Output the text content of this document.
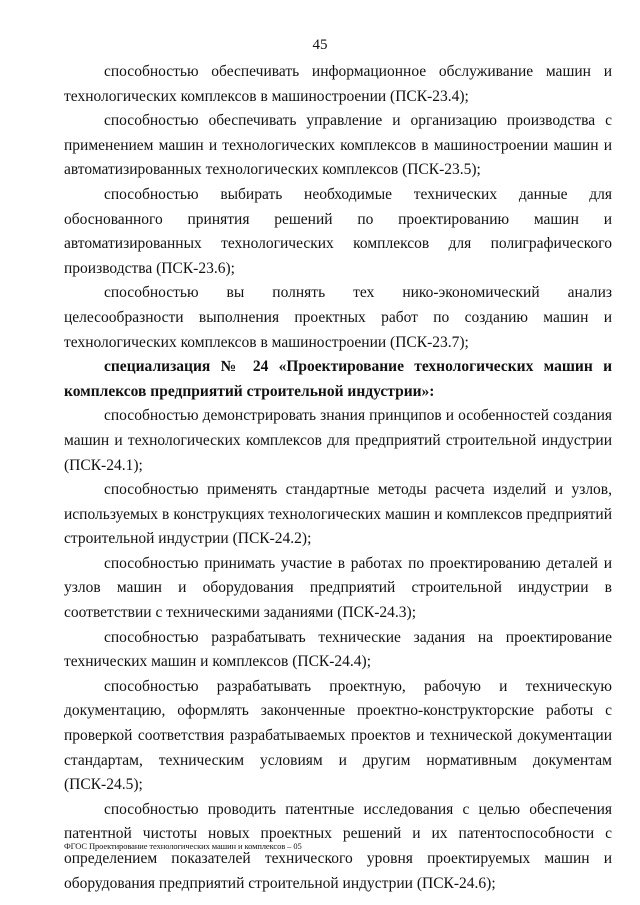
45

способностью обеспечивать информационное обслуживание машин и технологических комплексов в машиностроении (ПСК-23.4);

способностью обеспечивать управление и организацию производства с применением машин и технологических комплексов в машиностроении машин и автоматизированных технологических комплексов (ПСК-23.5);

способностью выбирать необходимые технических данные для обоснованного принятия решений по проектированию машин и автоматизированных технологических комплексов для полиграфического производства (ПСК-23.6);

способностью вы полнять тех нико-экономический анализ целесообразности выполнения проектных работ по созданию машин и технологических комплексов в машиностроении (ПСК-23.7);

специализация № 24 «Проектирование технологических машин и комплексов предприятий строительной индустрии»:

способностью демонстрировать знания принципов и особенностей создания машин и технологических комплексов для предприятий строительной индустрии (ПСК-24.1);

способностью применять стандартные методы расчета изделий и узлов, используемых в конструкциях технологических машин и комплексов предприятий строительной индустрии (ПСК-24.2);

способностью принимать участие в работах по проектированию деталей и узлов машин и оборудования предприятий строительной индустрии в соответствии с техническими заданиями (ПСК-24.3);

способностью разрабатывать технические задания на проектирование технических машин и комплексов (ПСК-24.4);

способностью разрабатывать проектную, рабочую и техническую документацию, оформлять законченные проектно-конструкторские работы с проверкой соответствия разрабатываемых проектов и технической документации стандартам, техническим условиям и другим нормативным документам (ПСК-24.5);

способностью проводить патентные исследования с целью обеспечения патентной чистоты новых проектных решений и их патентоспособности с определением показателей технического уровня проектируемых машин и оборудования предприятий строительной индустрии (ПСК-24.6);

ФГОС Проектирование технологических машин и комплексов – 05
